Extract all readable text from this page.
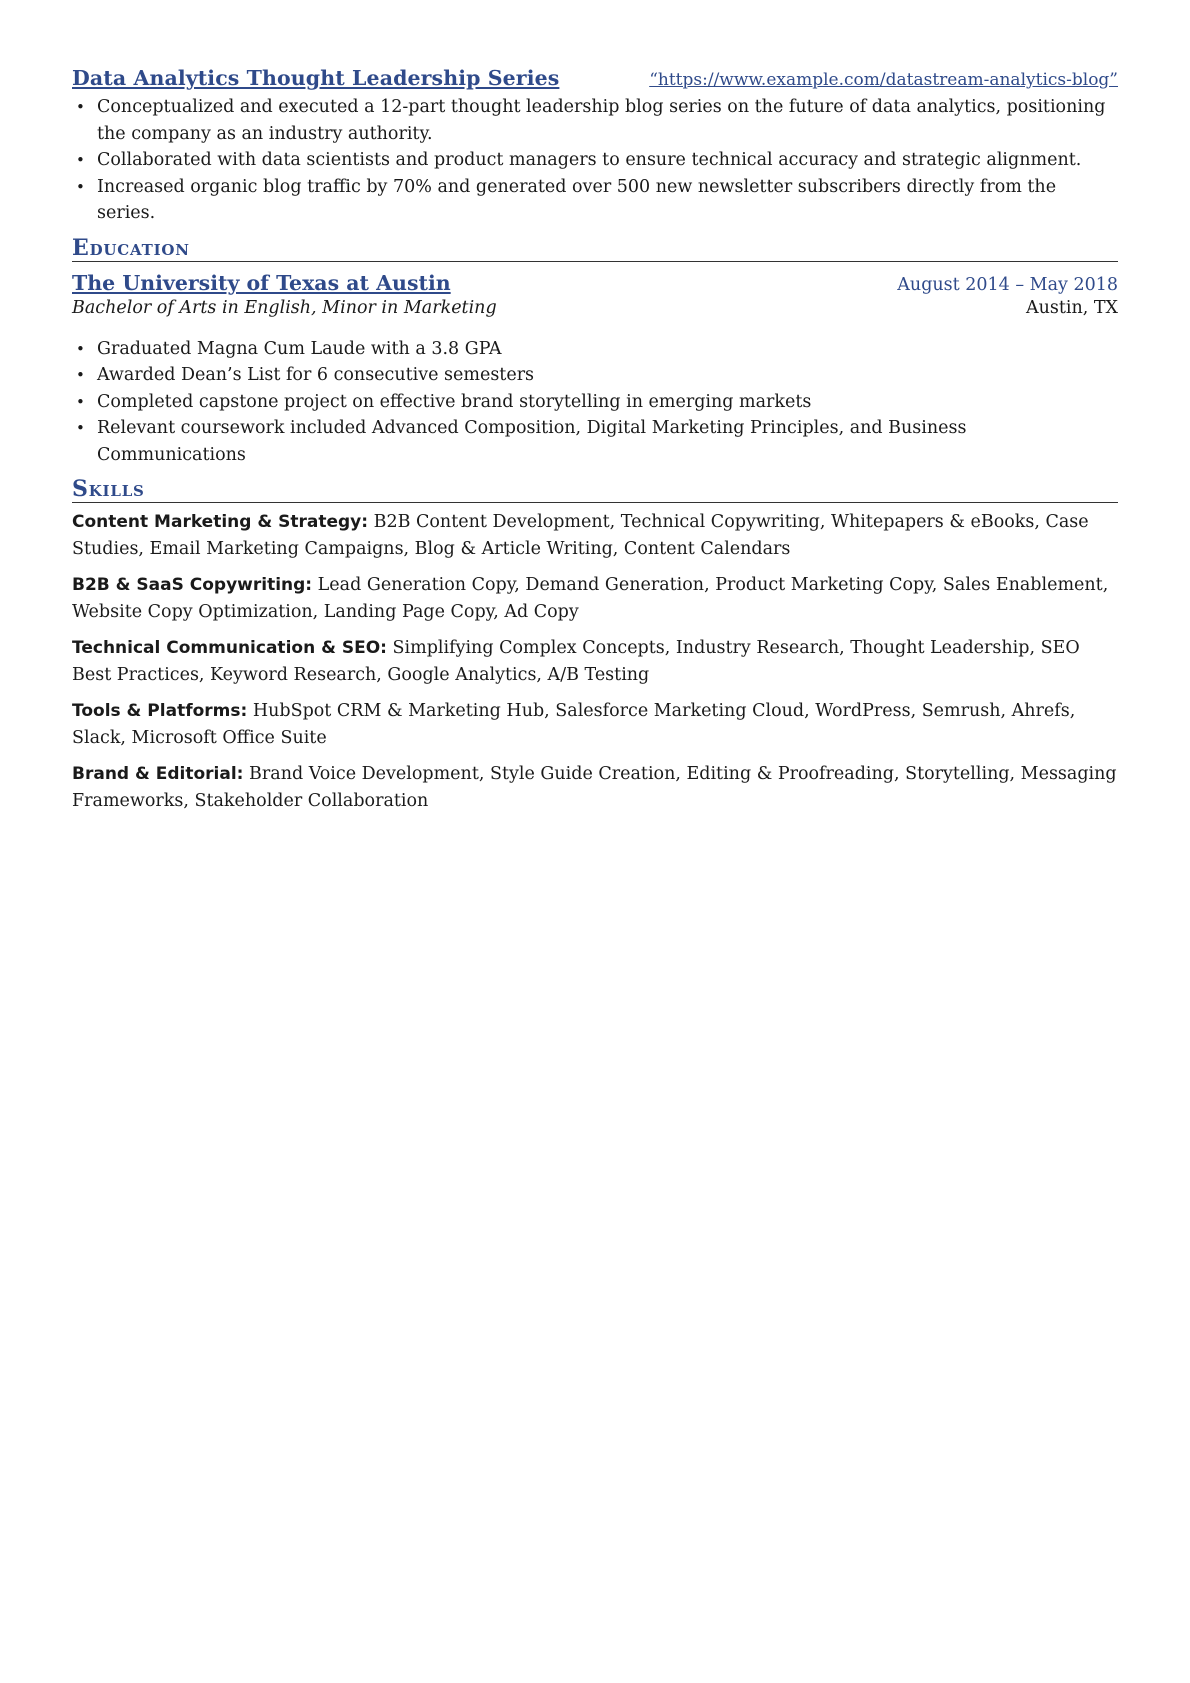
Data Analytics Thought Leadership Series	“https://www.example.com/datastream-analytics-blog”
• Conceptualized and executed a 12-part thought leadership blog series on the future of data analytics, positioning the company as an industry authority.
• Collaborated with data scientists and product managers to ensure technical accuracy and strategic alignment.
• Increased organic blog traffic by 70% and generated over 500 new newsletter subscribers directly from the series.
Education
The University of Texas at Austin	August 2014 – May 2018
Bachelor of Arts in English, Minor in Marketing	Austin, TX
• Graduated Magna Cum Laude with a 3.8 GPA
• Awarded Dean’s List for 6 consecutive semesters
• Completed capstone project on effective brand storytelling in emerging markets
• Relevant coursework included Advanced Composition, Digital Marketing Principles, and Business Communications
Skills
Content Marketing & Strategy: B2B Content Development, Technical Copywriting, Whitepapers & eBooks, Case Studies, Email Marketing Campaigns, Blog & Article Writing, Content Calendars
B2B & SaaS Copywriting: Lead Generation Copy, Demand Generation, Product Marketing Copy, Sales Enablement, Website Copy Optimization, Landing Page Copy, Ad Copy
Technical Communication & SEO: Simplifying Complex Concepts, Industry Research, Thought Leadership, SEO Best Practices, Keyword Research, Google Analytics, A/B Testing
Tools & Platforms: HubSpot CRM & Marketing Hub, Salesforce Marketing Cloud, WordPress, Semrush, Ahrefs, Slack, Microsoft Office Suite
Brand & Editorial: Brand Voice Development, Style Guide Creation, Editing & Proofreading, Storytelling, Messaging Frameworks, Stakeholder Collaboration
